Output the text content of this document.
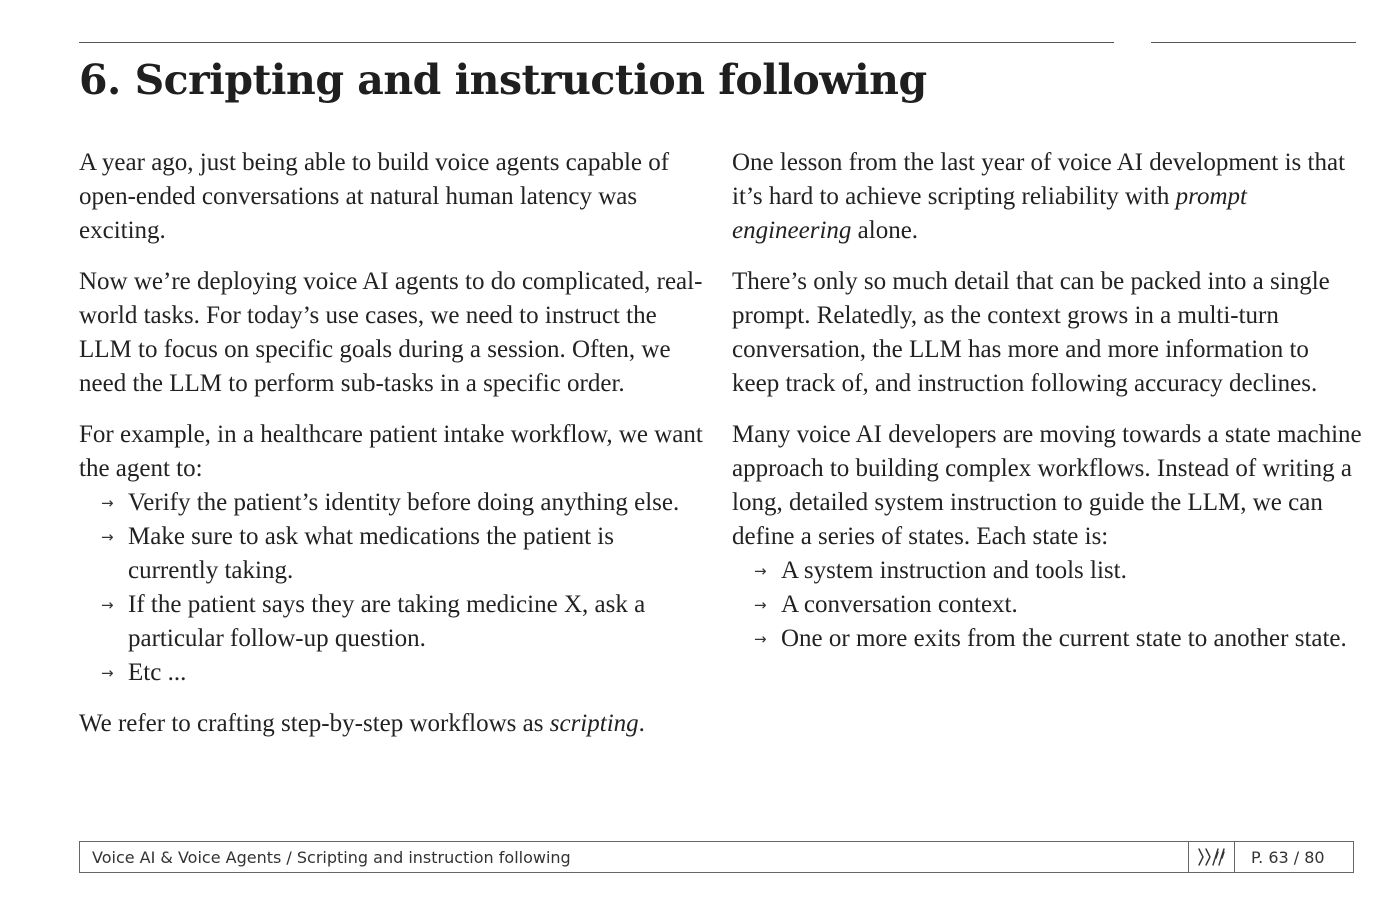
6. Scripting and instruction following

A year ago, just being able to build voice agents capable of open-ended conversations at natural human latency was exciting.

Now we’re deploying voice AI agents to do complicated, real-world tasks. For today’s use cases, we need to instruct the LLM to focus on specific goals during a session. Often, we need the LLM to perform sub-tasks in a specific order.

For example, in a healthcare patient intake workflow, we want the agent to:

→ Verify the patient’s identity before doing anything else.
→ Make sure to ask what medications the patient is currently taking.
→ If the patient says they are taking medicine X, ask a particular follow-up question.
→ Etc ...

We refer to crafting step-by-step workflows as scripting.

One lesson from the last year of voice AI development is that it’s hard to achieve scripting reliability with prompt engineering alone.

There’s only so much detail that can be packed into a single prompt. Relatedly, as the context grows in a multi-turn conversation, the LLM has more and more information to keep track of, and instruction following accuracy declines.

Many voice AI developers are moving towards a state machine approach to building complex workflows. Instead of writing a long, detailed system instruction to guide the LLM, we can define a series of states. Each state is:

→ A system instruction and tools list.
→ A conversation context.
→ One or more exits from the current state to another state.
Voice AI & Voice Agents / Scripting and instruction following	P. 63 / 80
